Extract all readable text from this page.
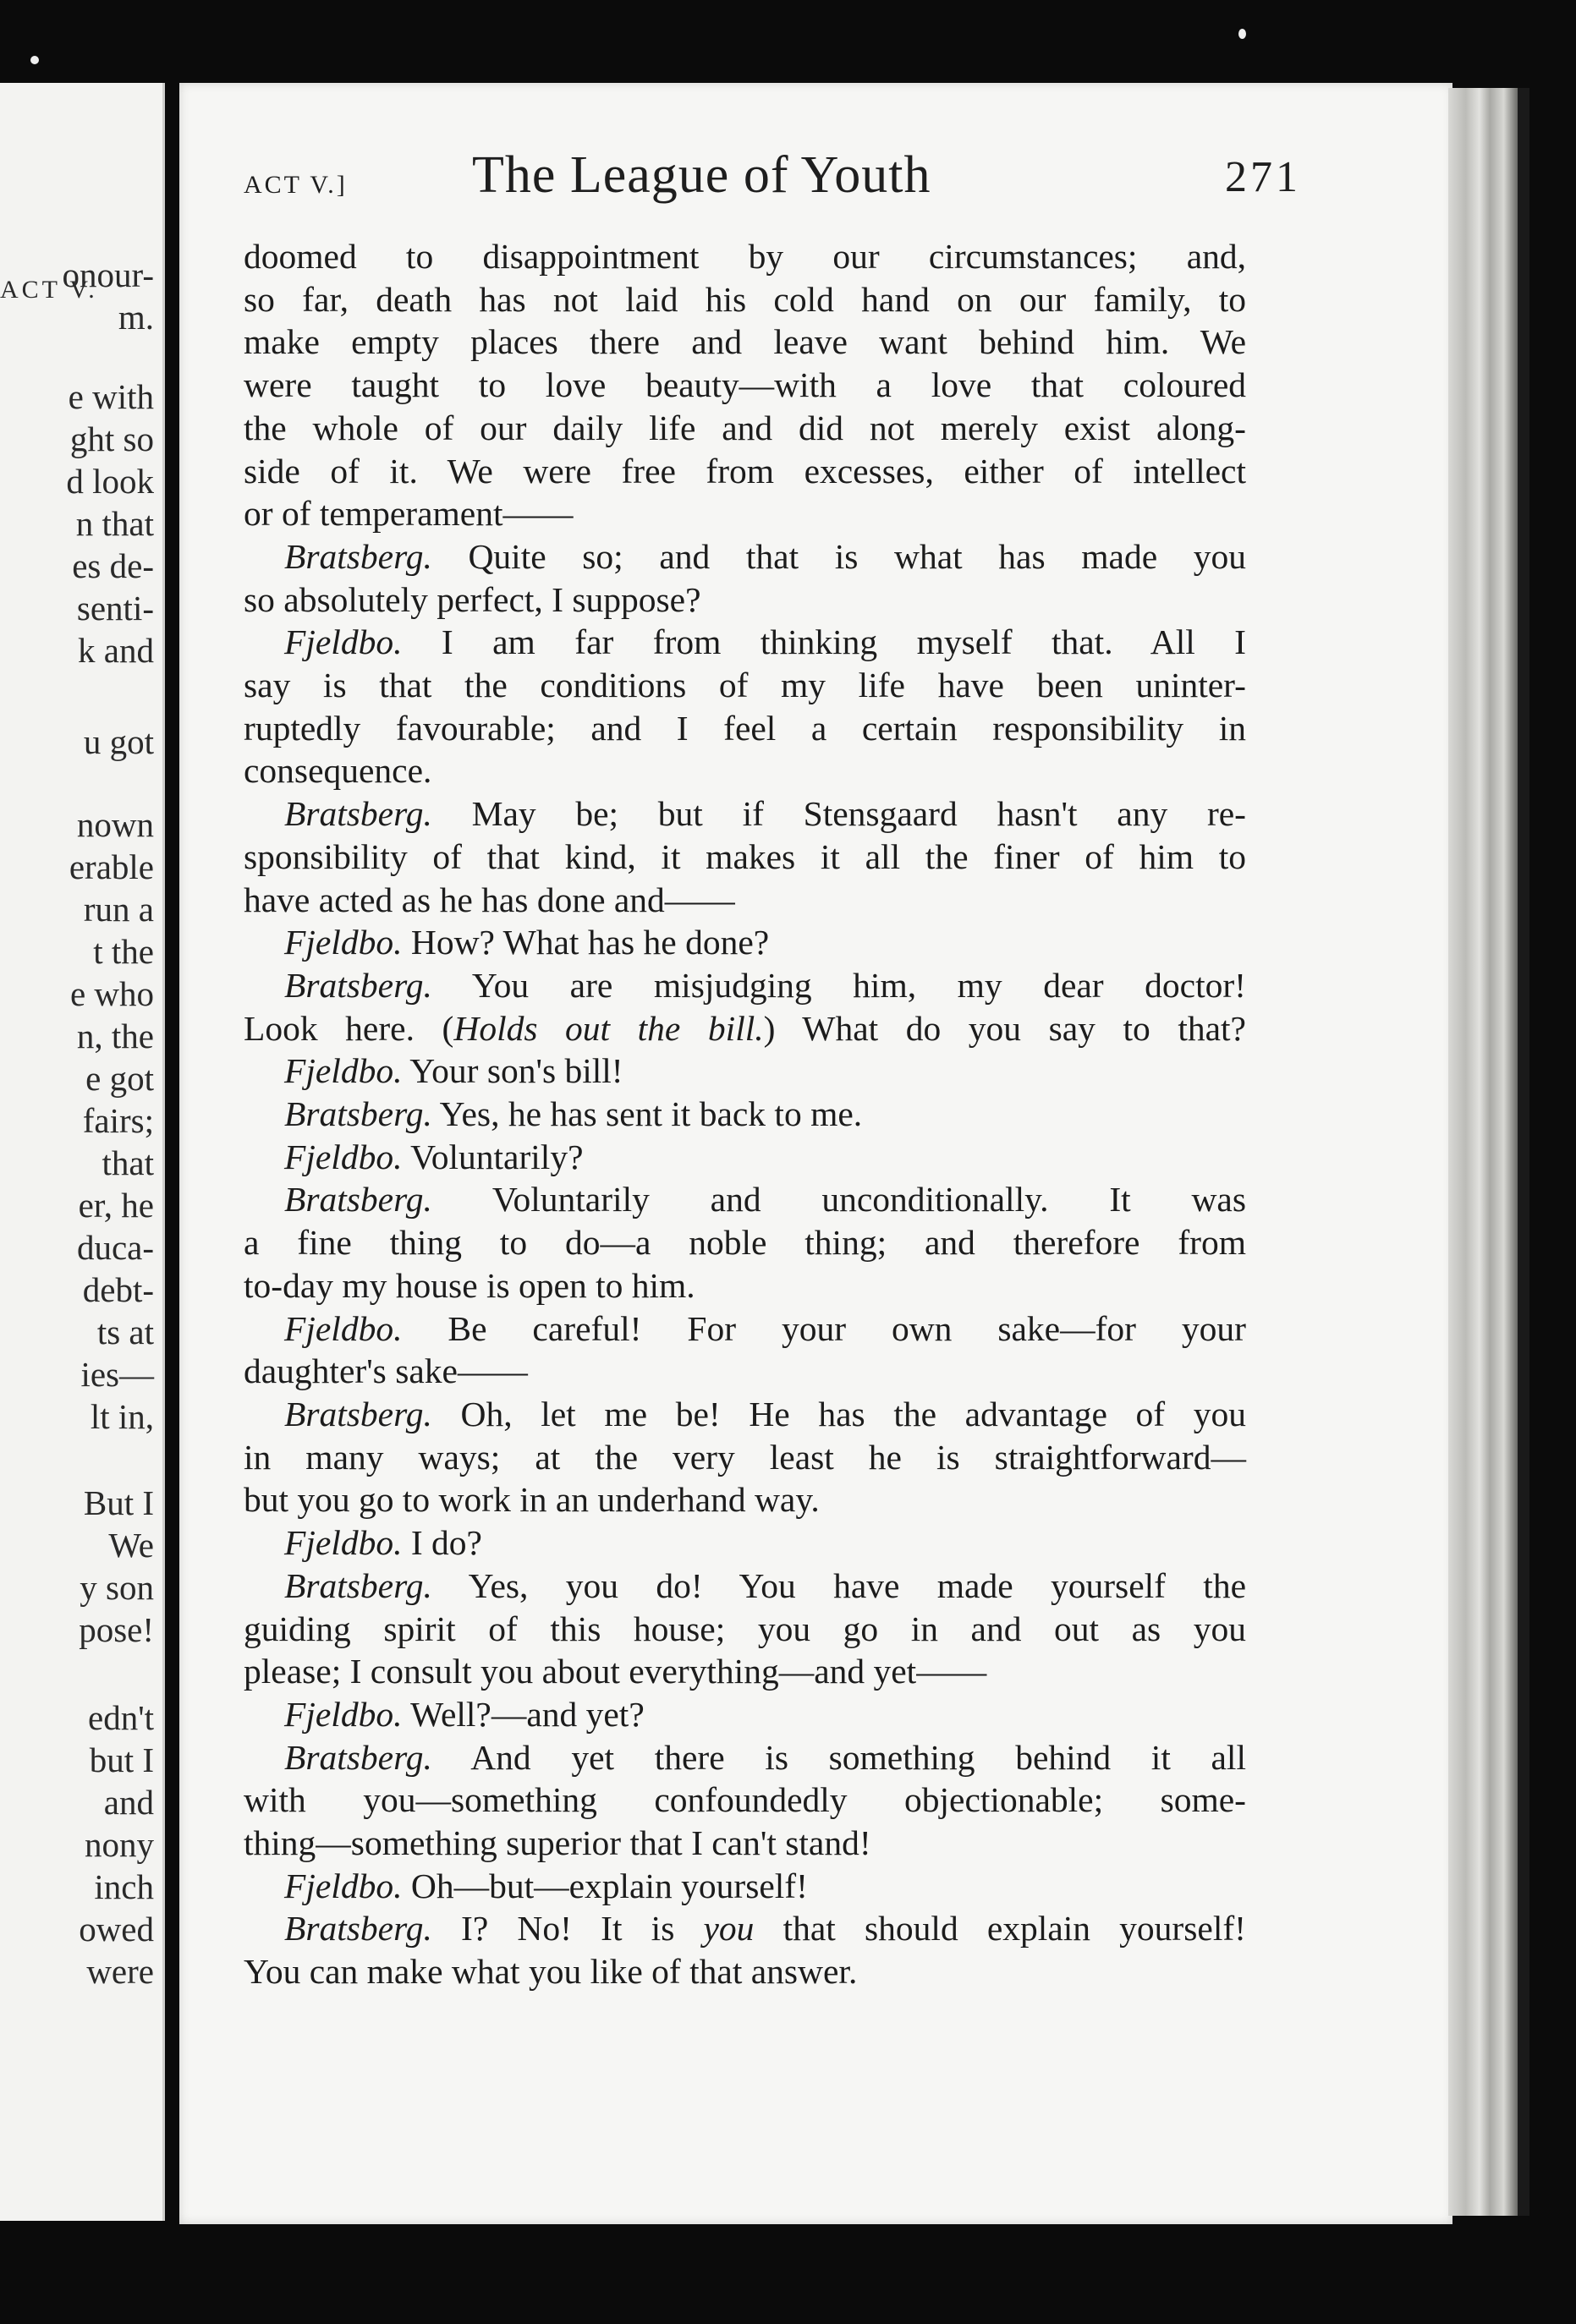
ACT V.
onour-
m.
e with
ght so
d look
n that
es de-
senti-
k and
u got
nown
erable
run a
t the
e who
n, the
e got
fairs;
that
er, he
duca-
debt-
ts at
ies—
lt in,
But I
We
y son
pose!
edn't
but I
and
nony
inch
owed
were
ACT V.] The League of Youth	271
doomed to disappointment by our circumstances; and,
so far, death has not laid his cold hand on our family, to
make empty places there and leave want behind him. We
were taught to love beauty—with a love that coloured
the whole of our daily life and did not merely exist along-
side of it. We were free from excesses, either of intellect
or of temperament——
Bratsberg. Quite so; and that is what has made you
so absolutely perfect, I suppose?
Fjeldbo. I am far from thinking myself that. All I
say is that the conditions of my life have been uninter-
ruptedly favourable; and I feel a certain responsibility in
consequence.
Bratsberg. May be; but if Stensgaard hasn't any re-
sponsibility of that kind, it makes it all the finer of him to
have acted as he has done and——
Fjeldbo. How? What has he done?
Bratsberg. You are misjudging him, my dear doctor!
Look here. (Holds out the bill.) What do you say to that?
Fjeldbo. Your son's bill!
Bratsberg. Yes, he has sent it back to me.
Fjeldbo. Voluntarily?
Bratsberg. Voluntarily and unconditionally. It was
a fine thing to do—a noble thing; and therefore from
to-day my house is open to him.
Fjeldbo. Be careful! For your own sake—for your
daughter's sake——
Bratsberg. Oh, let me be! He has the advantage of you
in many ways; at the very least he is straightforward—
but you go to work in an underhand way.
Fjeldbo. I do?
Bratsberg. Yes, you do! You have made yourself the
guiding spirit of this house; you go in and out as you
please; I consult you about everything—and yet——
Fjeldbo. Well?—and yet?
Bratsberg. And yet there is something behind it all
with you—something confoundedly objectionable; some-
thing—something superior that I can't stand!
Fjeldbo. Oh—but—explain yourself!
Bratsberg. I? No! It is you that should explain yourself!
You can make what you like of that answer.
